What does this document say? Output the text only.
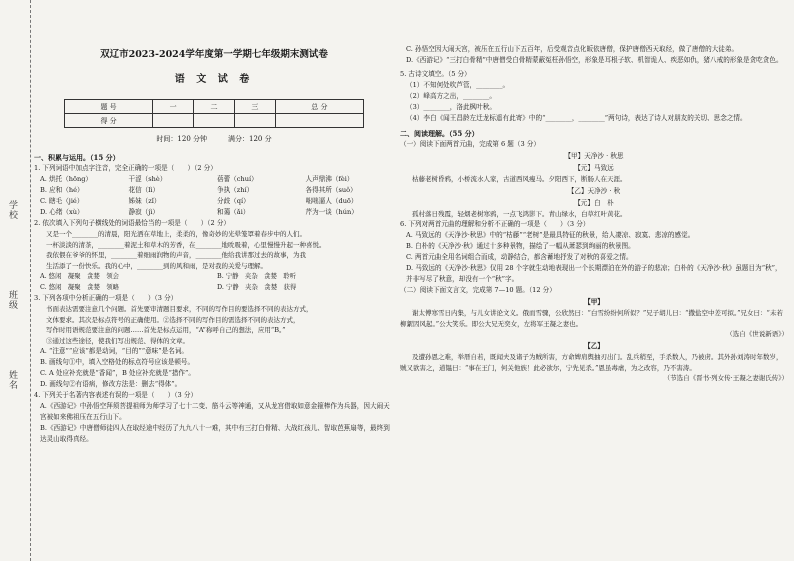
学校
班级
姓名
双辽市2023-2024学年度第一学期七年级期末测试卷
语 文 试 卷
题 号	一	二	三	总 分
得 分				
时间：120 分钟　　　满分：120 分
一、积累与运用。（15 分）

1. 下列词语中加点字注音，完全正确的一项是（　　）（2 分）

A. 烘托（hōng）	干涩（shè）	蓓蕾（chuí）	人声鼎沸（fèi）
B. 应和（hé）	花信（lì）	争执（zhí）	各得其所（suǒ）
C. 瞎毛（jié）	姊妹（zǐ）	分歧（qí）	咄咄逼人（duō）
D. 心绪（xù）	静寂（jì）	和蔼（ǎi）	芹为一谈（hún）

2. 依次填入下列句子横线处的词语最恰当的一项是（　　）（2 分）

又是一个________的清晨，阳光洒在草地上，柔柔的，像奇妙的光晕笼罩着春步中的人们。

一杯淡淡的清茶，________着泥土和草木的芳香，在________地吮吸着，心里慢慢升起一种喜悦。

我依偎在爷爷的怀里，________着细雨润物的声音，________他给我讲那过去的故事，为我

生活添了一份快乐。我的心中，________到的风和雨，是对我的关爱与理解。

A. 悠闲　凝聚　贪婪　领会	B. 宁静　夹杂　贪婪　聆听
C. 悠闲　凝聚　贪婪　领略	D. 宁静　夹杂　贪婪　获得

3. 下列各项中分析正确的一项是（　　）（3 分）

书面表达需要注意几个问题。首先要审清题目要求，不同的写作目的要选择不同的表达方式，

文体要求。其次是标点符号的正确使用。②选择不同的写作目的需选择不同的表达方式，

写作时用语规范要注意的问题……首先是标点运用，“A”称呼自己的想法，应用“B。”

③通过这些途径，使我们写出规范、得体的文章。

A. “注意”“应该”都是动词，“目的”“意味”是名词。

B. 画线句①中，填入空格处的标点符号应该是顿号。

C. A 处应补充就是“香闻”，B 处应补充就是“措作”。

D. 画线句②有语病，修改方法是：删去“得体”。

4. 下列关于名著内容表述有误的一项是（　　）（3 分）

A.《西游记》中孙悟空拜须菩提祖师为师学习了七十二变、筋斗云等神通，又从龙宫借取如意金箍棒作为兵器，因大闹天宫被如来佛祖压在五行山下。

B.《西游记》中唐僧师徒四人在取经途中经历了九九八十一难，其中有三打白骨精、大战红孩儿、智取芭蕉扇等，最终到达灵山取得真经。

C. 孙悟空因大闹天宫，被压在五行山下五百年，后受观音点化皈依唐僧，保护唐僧西天取经，做了唐僧的大徒弟。

D.《西游记》“三打白骨精”中唐僧受白骨精蒙蔽冤枉孙悟空，形象是耳根子软、机智诡人、疾恶如仇，猪八戒的形象是贪吃贪色。

5. 古诗文填空。（5 分）

（1）不知何处吹芦管，________。

（2）峰高方之出，________。

（3）________，洛此枫叶秋。

（4）李白《闻王昌龄左迁龙标遥有此寄》中的“________，________”两句诗，表达了诗人对朋友的关切、思念之情。

二、阅读理解。（55 分）

（一）阅读下面两首元曲，完成第 6 题（3 分）

【甲】天净沙 · 秋思
【元】马致远

枯藤老树昏鸦，小桥流水人家，古道西风瘦马。夕阳西下，断肠人在天涯。

【乙】天净沙 · 秋
【元】白　朴

孤村落日残霞，轻烟老树寒鸦，一点飞鸿影下。青山绿水，白草红叶黄花。

6. 下列对两首元曲的理解和分析不正确的一项是（　　）（3 分）

A. 马致远的《天净沙·秋思》中的“枯藤”“老树”是最具特征的秋景，给人凄凉、寂寞、悲凉的感觉。

B. 白朴的《天净沙·秋》通过十多种景物，描绘了一幅从萧瑟到绚丽的秋景图。

C. 两首元曲全用名词组合而成，动静结合，都含蓄地抒发了对秋的喜爱之情。

D. 马致远的《天净沙·秋思》仅用 28 个字就生动地表现出一个长期漂泊在外的游子的悲凉；白朴的《天净沙·秋》虽题目为“秋”，并非写尽了秋意，却没有一个“秋”字。

（二）阅读下面文言文，完成第 7—10 题。（12 分）

【甲】

谢太傅寒雪日内集，与儿女讲论文义。俄而雪骤，公欣然曰：“白雪纷纷何所似？”兄子胡儿曰：“撒盐空中差可拟。”兄女曰：“未若柳絮因风起。”公大笑乐。即公大兄无奕女，左将军王凝之妻也。

（选自《世说新语》）
【乙】

及遭孙恩之难，举厝自若，既闻夫及诸子为贼所害，方命婢肩舆抽刃出门。乱兵稍至，手杀数人，乃被虏。其外孙刘涛时年数岁，贼又欲害之，道韫曰：“事在王门，何关他族！此必欲尔，宁先见杀。”恩虽毒虐，为之改容，乃不害涛。

（节选自《晋书·列女传·王凝之妻谢氏传》）
